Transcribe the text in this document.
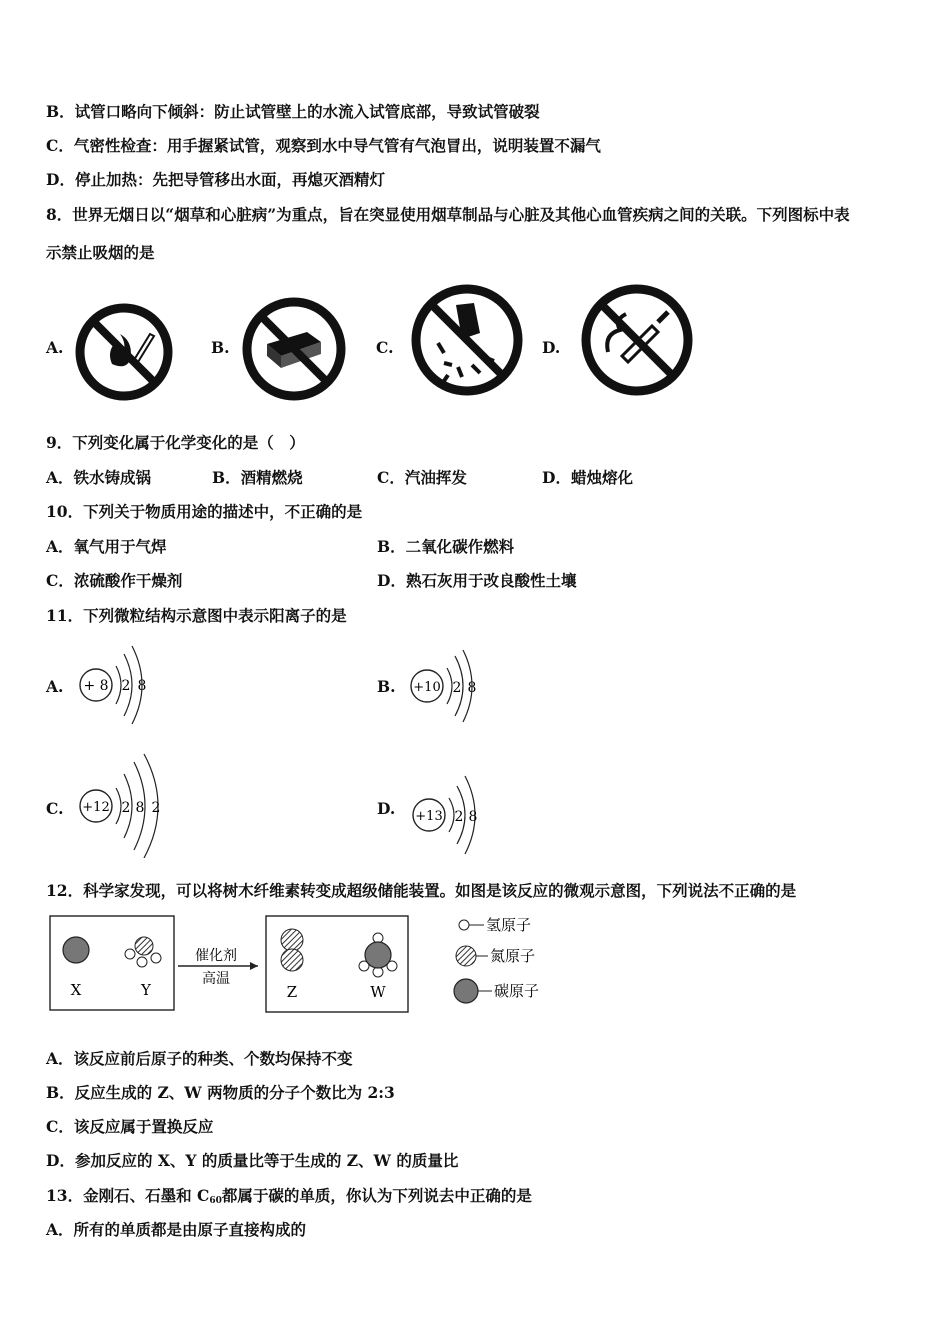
B．试管口略向下倾斜：防止试管壁上的水流入试管底部，导致试管破裂
C．气密性检查：用手握紧试管，观察到水中导气管有气泡冒出，说明装置不漏气
D．停止加热：先把导管移出水面，再熄灭酒精灯
8．世界无烟日以“烟草和心脏病”为重点，旨在突显使用烟草制品与心脏及其他心血管疾病之间的关联。下列图标中表
示禁止吸烟的是
A.	B.	C.	D.
9．下列变化属于化学变化的是（　）
A．铁水铸成锅	B．酒精燃烧	C．汽油挥发	D．蜡烛熔化
10．下列关于物质用途的描述中，不正确的是
A．氧气用于气焊	B．二氧化碳作燃料
C．浓硫酸作干燥剂	D．熟石灰用于改良酸性土壤
11．下列微粒结构示意图中表示阳离子的是
A. + 8 2 8	B. +10 2 8
C. +12 2 8 2	D. +13 2 8
12．科学家发现，可以将树木纤维素转变成超级储能装置。如图是该反应的微观示意图，下列说法不正确的是
X	Y
催化剂
高温
Z	W
氢原子
氮原子
碳原子
A．该反应前后原子的种类、个数均保持不变
B．反应生成的 Z、W 两物质的分子个数比为 2:3
C．该反应属于置换反应
D．参加反应的 X、Y 的质量比等于生成的 Z、W 的质量比
13．金刚石、石墨和 $C_{60}$都属于碳的单质，你认为下列说去中正确的是
A．所有的单质都是由原子直接构成的
